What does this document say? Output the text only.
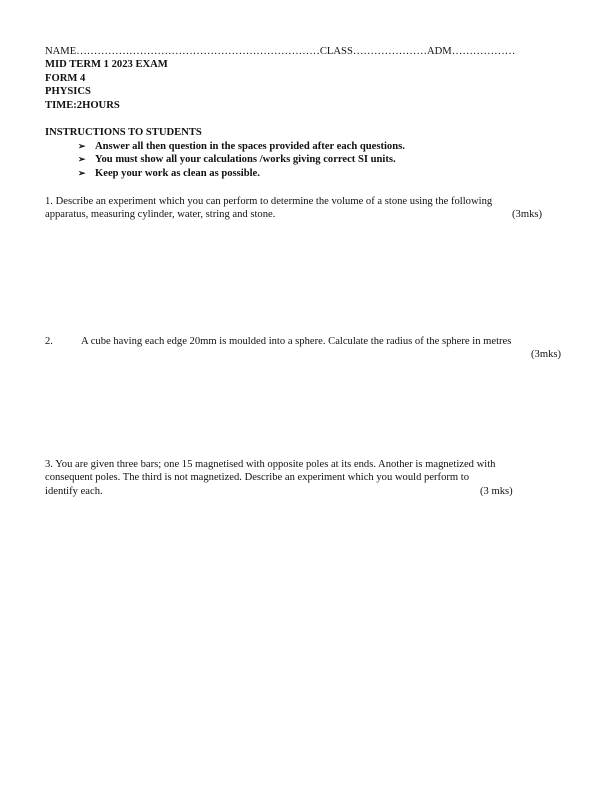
NAME…………………………………………………………… CLASS………………… ADM………………
MID TERM 1 2023 EXAM
FORM 4
PHYSICS
TIME:2HOURS
INSTRUCTIONS TO STUDENTS
➢ Answer all then question in the spaces provided after each questions.
➢ You must show all your calculations /works giving correct SI units.
➢ Keep your work as clean as possible.
1. Describe an experiment which you can perform to determine the volume of a stone using the following
apparatus, measuring cylinder, water, string and stone.	(3mks)
2.	A cube having each edge 20mm is moulded into a sphere. Calculate the radius of the sphere in metres
(3mks)
3. You are given three bars; one 15 magnetised with opposite poles at its ends. Another is magnetized with
consequent poles. The third is not magnetized. Describe an experiment which you would perform to
identify each.	(3 mks)
